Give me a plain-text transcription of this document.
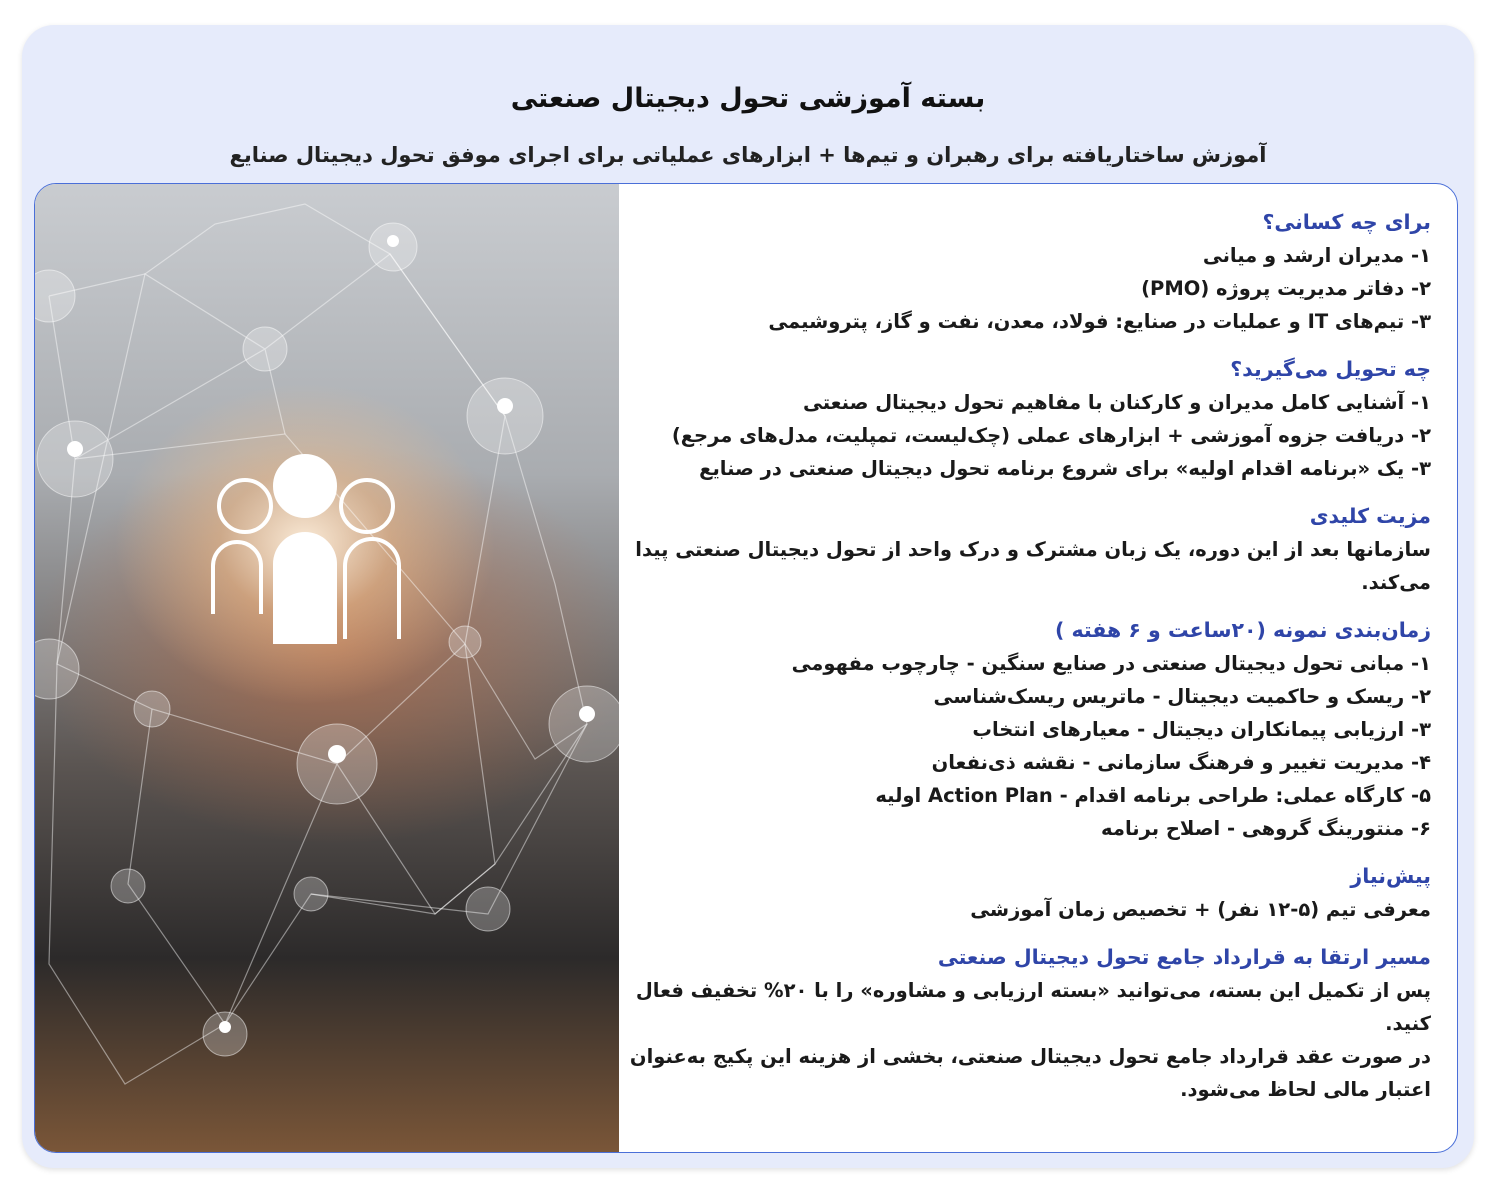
بسته آموزشی تحول دیجیتال صنعتی
آموزش ساختاریافته برای رهبران و تیم‌ها + ابزارهای عملیاتی برای اجرای موفق تحول دیجیتال صنایع
برای چه کسانی؟
۱- مدیران ارشد و میانی
۲- دفاتر مدیریت پروژه (PMO)
۳- تیم‌های IT و عملیات در صنایع: فولاد، معدن، نفت و گاز، پتروشیمی
چه تحویل می‌گیرید؟
۱- آشنایی کامل مدیران و کارکنان با مفاهیم تحول دیجیتال صنعتی
۲- دریافت جزوه آموزشی + ابزارهای عملی (چک‌لیست، تمپلیت، مدل‌های مرجع)
۳- یک «برنامه اقدام اولیه» برای شروع برنامه تحول دیجیتال صنعتی در صنایع
مزیت کلیدی
سازمانها بعد از این دوره، یک زبان مشترک و درک واحد از تحول دیجیتال صنعتی پیدا می‌کند.
زمان‌بندی نمونه (۲۰ساعت و ۶ هفته )
۱- مبانی تحول دیجیتال صنعتی در صنایع سنگین - چارچوب مفهومی
۲- ریسک و حاکمیت دیجیتال - ماتریس ریسک‌شناسی
۳- ارزیابی پیمانکاران دیجیتال - معیارهای انتخاب
۴- مدیریت تغییر و فرهنگ سازمانی - نقشه ذی‌نفعان
۵- کارگاه عملی: طراحی برنامه اقدام - Action Plan اولیه
۶- منتورینگ گروهی - اصلاح برنامه
پیش‌نیاز
معرفی تیم (۵-۱۲ نفر) + تخصیص زمان آموزشی
مسیر ارتقا به قرارداد جامع تحول دیجیتال صنعتی
پس از تکمیل این بسته، می‌توانید «بسته ارزیابی و مشاوره» را با ۲۰% تخفیف فعال کنید.
در صورت عقد قرارداد جامع تحول دیجیتال صنعتی، بخشی از هزینه این پکیج به‌عنوان
اعتبار مالی لحاظ می‌شود.
